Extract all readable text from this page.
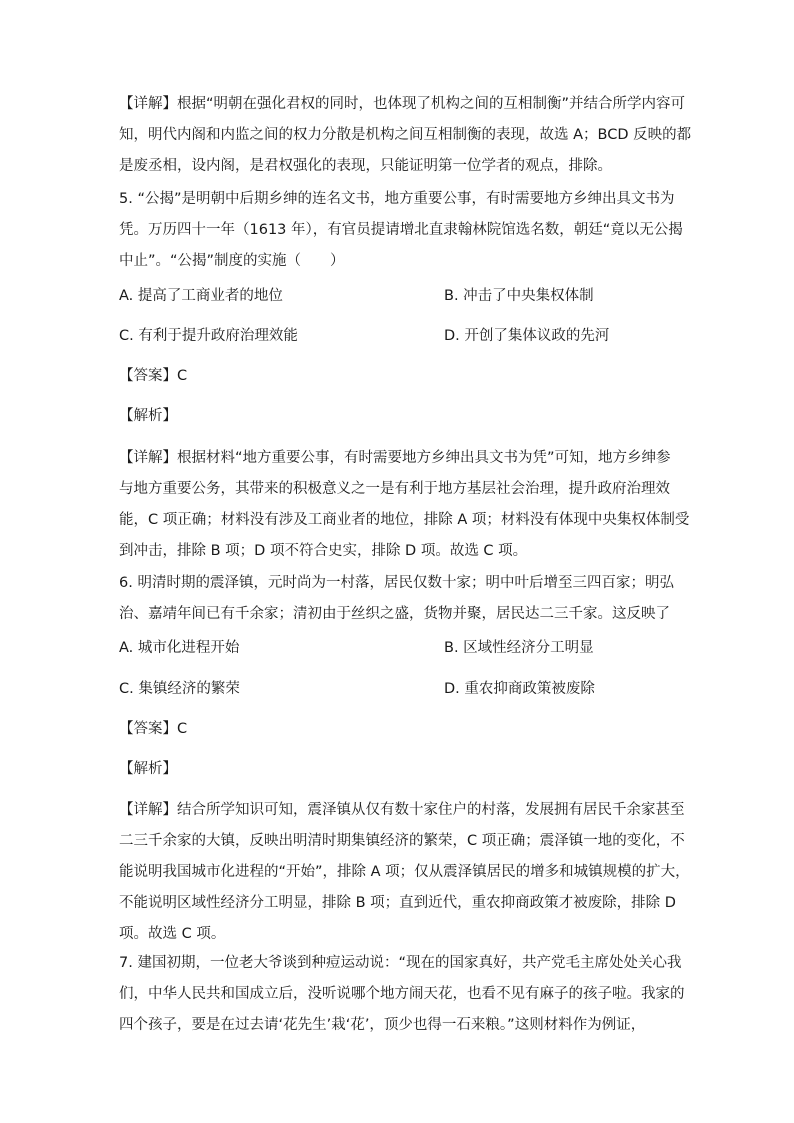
【详解】根据“明朝在强化君权的同时，也体现了机构之间的互相制衡”并结合所学内容可
知，明代内阁和内监之间的权力分散是机构之间互相制衡的表现，故选 A；BCD 反映的都
是废丞相，设内阁，是君权强化的表现，只能证明第一位学者的观点，排除。

5. “公揭”是明朝中后期乡绅的连名文书，地方重要公事，有时需要地方乡绅出具文书为
凭。万历四十一年（1613 年），有官员提请增北直隶翰林院馆选名数，朝廷“竟以无公揭
中止”。“公揭”制度的实施（　　）

A. 提高了工商业者的地位	B. 冲击了中央集权体制
C. 有利于提升政府治理效能	D. 开创了集体议政的先河
【答案】C
【解析】

【详解】根据材料“地方重要公事，有时需要地方乡绅出具文书为凭”可知，地方乡绅参
与地方重要公务，其带来的积极意义之一是有利于地方基层社会治理，提升政府治理效
能，C 项正确；材料没有涉及工商业者的地位，排除 A 项；材料没有体现中央集权体制受
到冲击，排除 B 项；D 项不符合史实，排除 D 项。故选 C 项。

6. 明清时期的震泽镇，元时尚为一村落，居民仅数十家；明中叶后增至三四百家；明弘
治、嘉靖年间已有千余家；清初由于丝织之盛，货物并聚，居民达二三千家。这反映了

A. 城市化进程开始	B. 区域性经济分工明显
C. 集镇经济的繁荣	D. 重农抑商政策被废除
【答案】C
【解析】

【详解】结合所学知识可知，震泽镇从仅有数十家住户的村落，发展拥有居民千余家甚至
二三千余家的大镇，反映出明清时期集镇经济的繁荣，C 项正确；震泽镇一地的变化，不
能说明我国城市化进程的“开始”，排除 A 项；仅从震泽镇居民的增多和城镇规模的扩大，
不能说明区域性经济分工明显，排除 B 项；直到近代，重农抑商政策才被废除，排除 D
项。故选 C 项。

7. 建国初期，一位老大爷谈到种痘运动说：“现在的国家真好，共产党毛主席处处关心我
们，中华人民共和国成立后，没听说哪个地方闹天花，也看不见有麻子的孩子啦。我家的
四个孩子，要是在过去请‘花先生’栽‘花’，顶少也得一石来粮。”这则材料作为例证，
